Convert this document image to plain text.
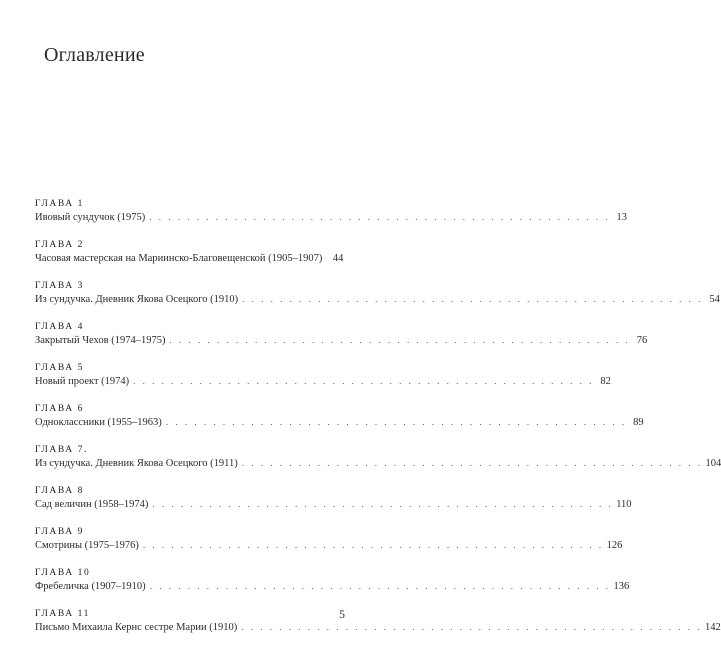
Оглавление
ГЛАВА 1
Ивовый сундучок (1975) . . . . . . . . . . . . . . . . . . . . . . . . . . . . . . . . . . . . . . . . . . . . . . . . . 13
ГЛАВА 2
Часовая мастерская на Мариинско-Благовещенской (1905–1907)	44
ГЛАВА 3
Из сундучка. Дневник Якова Осецкого (1910) . . . . . . . . . . . . . . . . . . . . . . . . . . . . . . . . . . . . . . . . . . . . . . . . . 54
ГЛАВА 4
Закрытый Чехов (1974–1975) . . . . . . . . . . . . . . . . . . . . . . . . . . . . . . . . . . . . . . . . . . . . . . . . . 76
ГЛАВА 5
Новый проект (1974) . . . . . . . . . . . . . . . . . . . . . . . . . . . . . . . . . . . . . . . . . . . . . . . . . 82
ГЛАВА 6
Одноклассники (1955–1963) . . . . . . . . . . . . . . . . . . . . . . . . . . . . . . . . . . . . . . . . . . . . . . . . . 89
ГЛАВА 7.
Из сундучка. Дневник Якова Осецкого (1911) . . . . . . . . . . . . . . . . . . . . . . . . . . . . . . . . . . . . . . . . . . . . . . . . . 104
ГЛАВА 8
Сад величин (1958–1974) . . . . . . . . . . . . . . . . . . . . . . . . . . . . . . . . . . . . . . . . . . . . . . . . . 110
ГЛАВА 9
Смотрины (1975–1976) . . . . . . . . . . . . . . . . . . . . . . . . . . . . . . . . . . . . . . . . . . . . . . . . . 126
ГЛАВА 10
Фребеличка (1907–1910) . . . . . . . . . . . . . . . . . . . . . . . . . . . . . . . . . . . . . . . . . . . . . . . . . 136
ГЛАВА 11
Письмо Михаила Кернс сестре Марии (1910) . . . . . . . . . . . . . . . . . . . . . . . . . . . . . . . . . . . . . . . . . . . . . . . . . 142
5
